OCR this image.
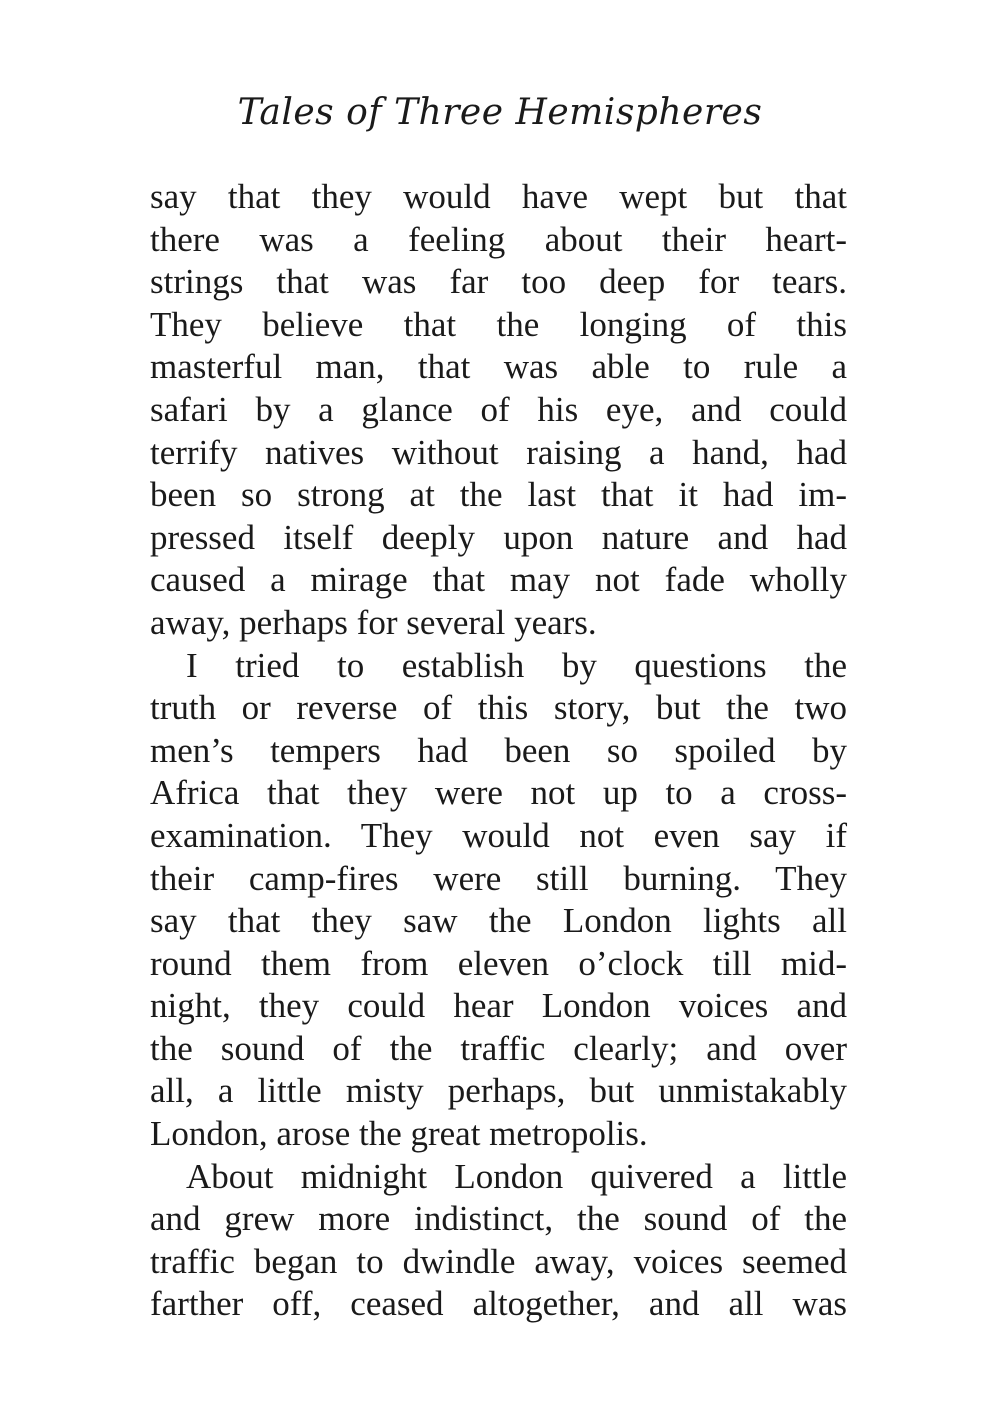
Tales of Three Hemispheres
say that they would have wept but that
there was a feeling about their heart-
strings that was far too deep for tears.
They believe that the longing of this
masterful man, that was able to rule a
safari by a glance of his eye, and could
terrify natives without raising a hand, had
been so strong at the last that it had im-
pressed itself deeply upon nature and had
caused a mirage that may not fade wholly
away, perhaps for several years.
I tried to establish by questions the
truth or reverse of this story, but the two
men’s tempers had been so spoiled by
Africa that they were not up to a cross-
examination. They would not even say if
their camp-fires were still burning. They
say that they saw the London lights all
round them from eleven o’clock till mid-
night, they could hear London voices and
the sound of the traffic clearly; and over
all, a little misty perhaps, but unmistakably
London, arose the great metropolis.
About midnight London quivered a little
and grew more indistinct, the sound of the
traffic began to dwindle away, voices seemed
farther off, ceased altogether, and all was
